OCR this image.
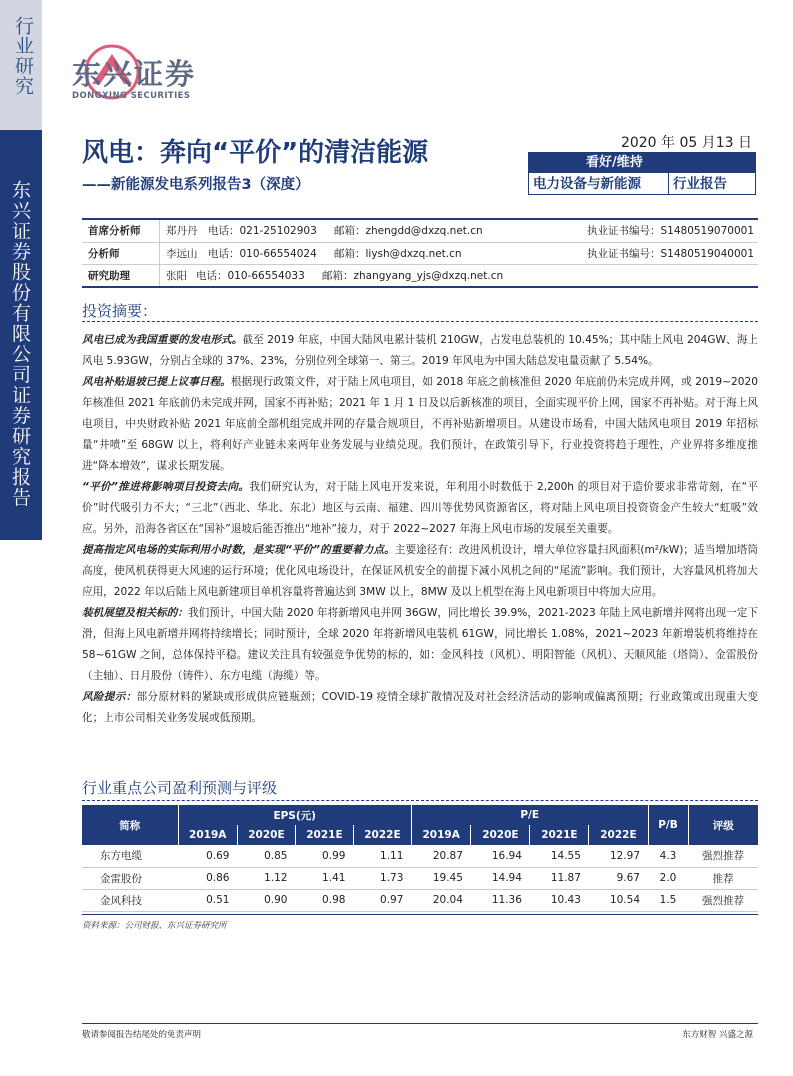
行业研究
东兴证券股份有限公司证券研究报告
东兴证券
DONGXING SECURITIES
风电：奔向“平价”的清洁能源
——新能源发电系列报告3（深度）
2020 年 05 月13 日
看好/维持
电力设备与新能源	行业报告
首席分析师	郑丹丹	电话：021-25102903	邮箱：zhengdd@dxzq.net.cn	执业证书编号：S1480519070001
分析师	李远山	电话：010-66554024	邮箱：liysh@dxzq.net.cn	执业证书编号：S1480519040001
研究助理	张阳 电话：010-66554033	邮箱：zhangyang_yjs@dxzq.net.cn
投资摘要：

风电已成为我国重要的发电形式。截至 2019 年底，中国大陆风电累计装机 210GW，占发电总装机的 10.45%；其中陆上风电 204GW、海上风电 5.93GW，分别占全球的 37%、23%，分别位列全球第一、第三。2019 年风电为中国大陆总发电量贡献了 5.54%。

风电补贴退坡已提上议事日程。根据现行政策文件，对于陆上风电项目，如 2018 年底之前核准但 2020 年底前仍未完成并网，或 2019~2020 年核准但 2021 年底前仍未完成并网，国家不再补贴；2021 年 1 月 1 日及以后新核准的项目，全面实现平价上网，国家不再补贴。对于海上风电项目，中央财政补贴 2021 年底前全部机组完成并网的存量合规项目，不再补贴新增项目。从建设市场看，中国大陆风电项目 2019 年招标量“井喷”至 68GW 以上，将利好产业链未来两年业务发展与业绩兑现。我们预计，在政策引导下，行业投资将趋于理性，产业界将多维度推进“降本增效”，谋求长期发展。

“平价”推进将影响项目投资去向。我们研究认为，对于陆上风电开发来说，年利用小时数低于 2,200h 的项目对于造价要求非常苛刻，在“平价”时代吸引力不大；“三北”（西北、华北、东北）地区与云南、福建、四川等优势风资源省区，将对陆上风电项目投资资金产生较大“虹吸”效应。另外，沿海各省区在“国补”退坡后能否推出“地补”接力，对于 2022~2027 年海上风电市场的发展至关重要。

提高指定风电场的实际利用小时数，是实现“平价”的重要着力点。主要途径有：改进风机设计，增大单位容量扫风面积(m²/kW)；适当增加塔筒高度，使风机获得更大风速的运行环境；优化风电场设计，在保证风机安全的前提下减小风机之间的“尾流”影响。我们预计，大容量风机将加大应用，2022 年以后陆上风电新建项目单机容量将普遍达到 3MW 以上，8MW 及以上机型在海上风电新项目中将加大应用。

装机展望及相关标的：我们预计，中国大陆 2020 年将新增风电并网 36GW，同比增长 39.9%，2021-2023 年陆上风电新增并网将出现一定下滑，但海上风电新增并网将持续增长；同时预计，全球 2020 年将新增风电装机 61GW，同比增长 1.08%，2021~2023 年新增装机将维持在 58~61GW 之间，总体保持平稳。建议关注具有较强竞争优势的标的，如：金风科技（风机）、明阳智能（风机）、天顺风能（塔筒）、金雷股份（主轴）、日月股份（铸件）、东方电缆（海缆）等。

风险提示：部分原材料的紧缺或形成供应链瓶颈；COVID-19 疫情全球扩散情况及对社会经济活动的影响或偏离预期；行业政策或出现重大变化；上市公司相关业务发展或低预期。

行业重点公司盈利预测与评级
简称	EPS(元)				P/E				P/B	评级
	2019A	2020E	2021E	2022E	2019A	2020E	2021E	2022E		
东方电缆	0.69	0.85	0.99	1.11	20.87	16.94	14.55	12.97	4.3	强烈推荐
金雷股份	0.86	1.12	1.41	1.73	19.45	14.94	11.87	9.67	2.0	推荐
金风科技	0.51	0.90	0.98	0.97	20.04	11.36	10.43	10.54	1.5	强烈推荐
资料来源：公司财报、东兴证券研究所
敬请参阅报告结尾处的免责声明	东方财智 兴盛之源
